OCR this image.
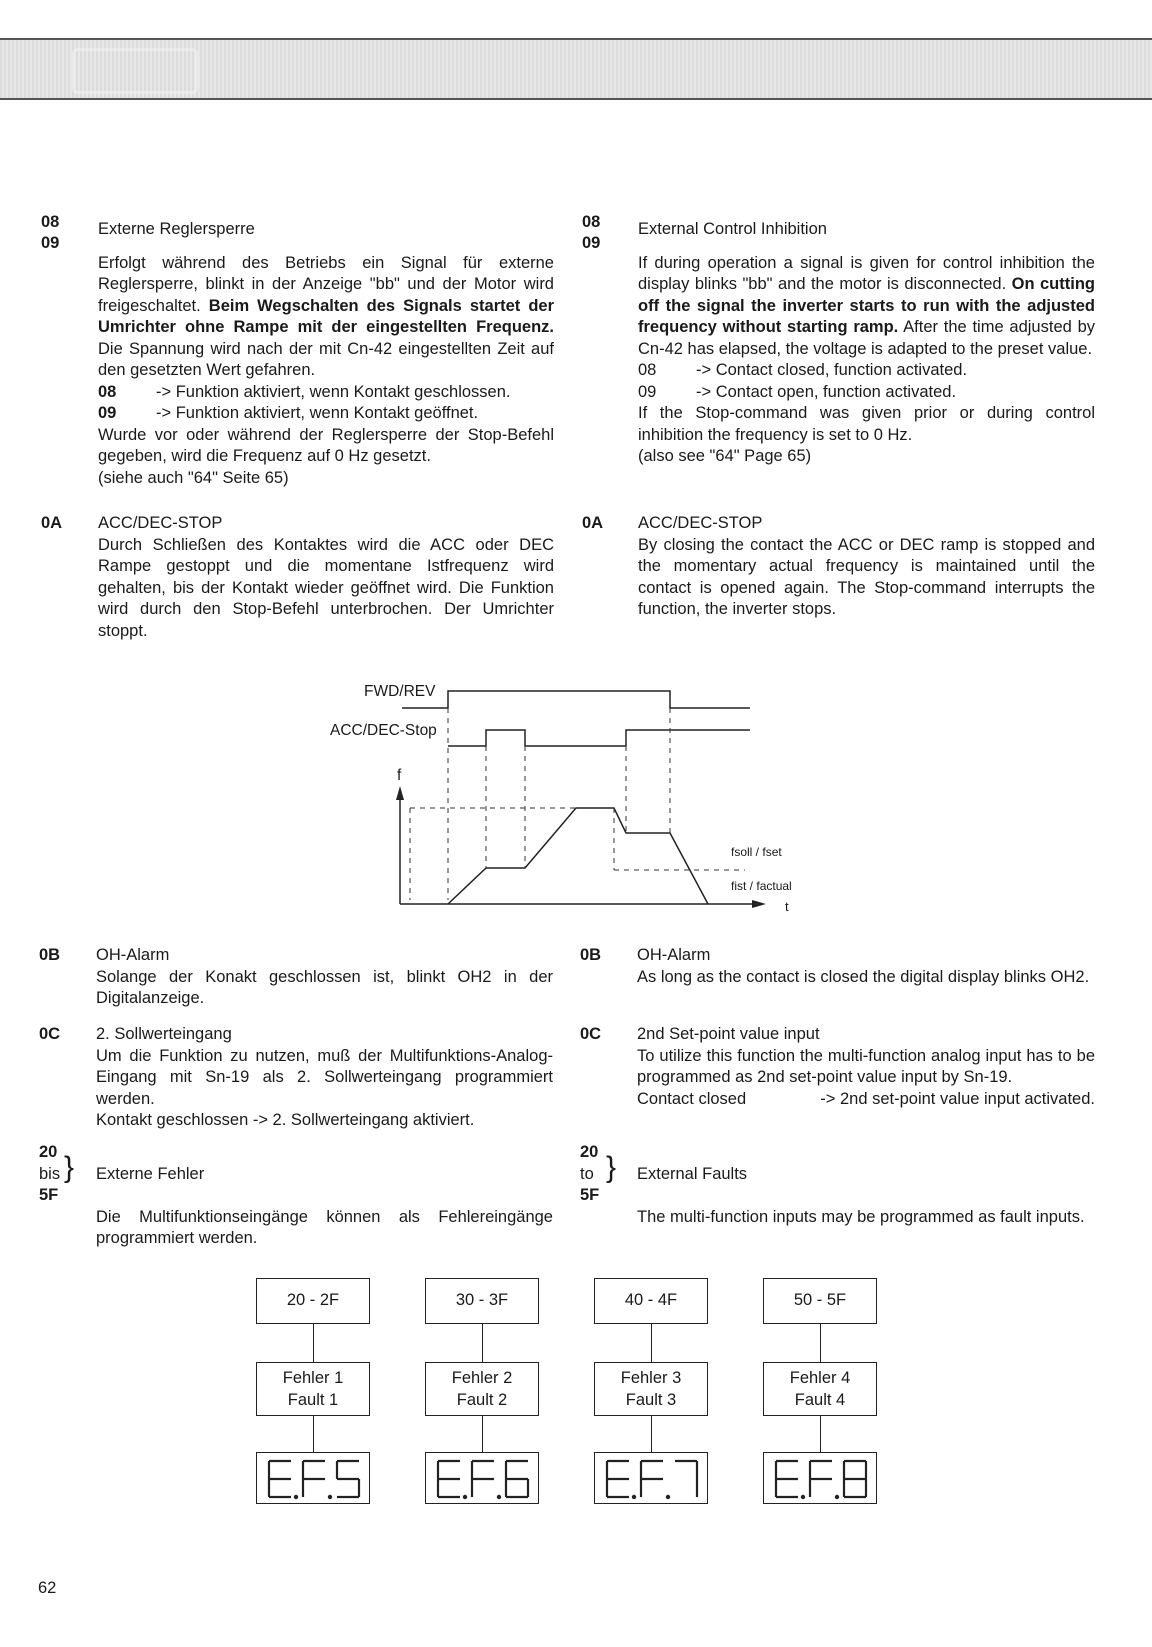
08
09

Externe Reglersperre

Erfolgt während des Betriebs ein Signal für externe Reglersperre, blinkt in der Anzeige "bb" und der Motor wird freigeschaltet. Beim Wegschalten des Signals startet der Umrichter ohne Rampe mit der eingestellten Frequenz. Die Spannung wird nach der mit Cn-42 eingestellten Zeit auf den gesetzten Wert gefahren.

08	-> Funktion aktiviert, wenn Kontakt geschlossen.
09	-> Funktion aktiviert, wenn Kontakt geöffnet.

Wurde vor oder während der Reglersperre der Stop-Befehl gegeben, wird die Frequenz auf 0 Hz gesetzt.

(siehe auch "64" Seite 65)

0A	ACC/DEC-STOP

Durch Schließen des Kontaktes wird die ACC oder DEC Rampe gestoppt und die momentane Istfrequenz wird gehalten, bis der Kontakt wieder geöffnet wird. Die Funktion wird durch den Stop-Befehl unterbrochen. Der Umrichter stoppt.

0B	OH-Alarm

Solange der Konakt geschlossen ist, blinkt OH2 in der Digitalanzeige.

0C	2. Sollwerteingang

Um die Funktion zu nutzen, muß der Multifunktions-Analog-Eingang mit Sn-19 als 2. Sollwerteingang programmiert werden.

Kontakt geschlossen -> 2. Sollwerteingang aktiviert.

20
bis
5F
} Externe Fehler

Die Multifunktionseingänge können als Fehlereingänge programmiert werden.

08
09

External Control Inhibition

If during operation a signal is given for control inhibition the display blinks "bb" and the motor is disconnected. On cutting off the signal the inverter starts to run with the adjusted frequency without starting ramp. After the time adjusted by Cn-42 has elapsed, the voltage is adapted to the preset value.

08	-> Contact closed, function activated.
09	-> Contact open, function activated.

If the Stop-command was given prior or during control inhibition the frequency is set to 0 Hz.

(also see "64" Page 65)

0A	ACC/DEC-STOP

By closing the contact the ACC or DEC ramp is stopped and the momentary actual frequency is maintained until the contact is opened again. The Stop-command interrupts the function, the inverter stops.

0B	OH-Alarm

As long as the contact is closed the digital display blinks OH2.

0C	2nd Set-point value input

To utilize this function the multi-function analog input has to be programmed as 2nd set-point value input by Sn-19.

Contact closed	-> 2nd set-point value input activated.
20
to
5F
} External Faults

The multi-function inputs may be programmed as fault inputs.

FWD/REV
ACC/DEC-Stop
f
t
fsoll / fset
fist / factual
20 - 2F
Fehler 1
Fault 1
30 - 3F
Fehler 2
Fault 2
40 - 4F
Fehler 3
Fault 3
50 - 5F
Fehler 4
Fault 4
62
